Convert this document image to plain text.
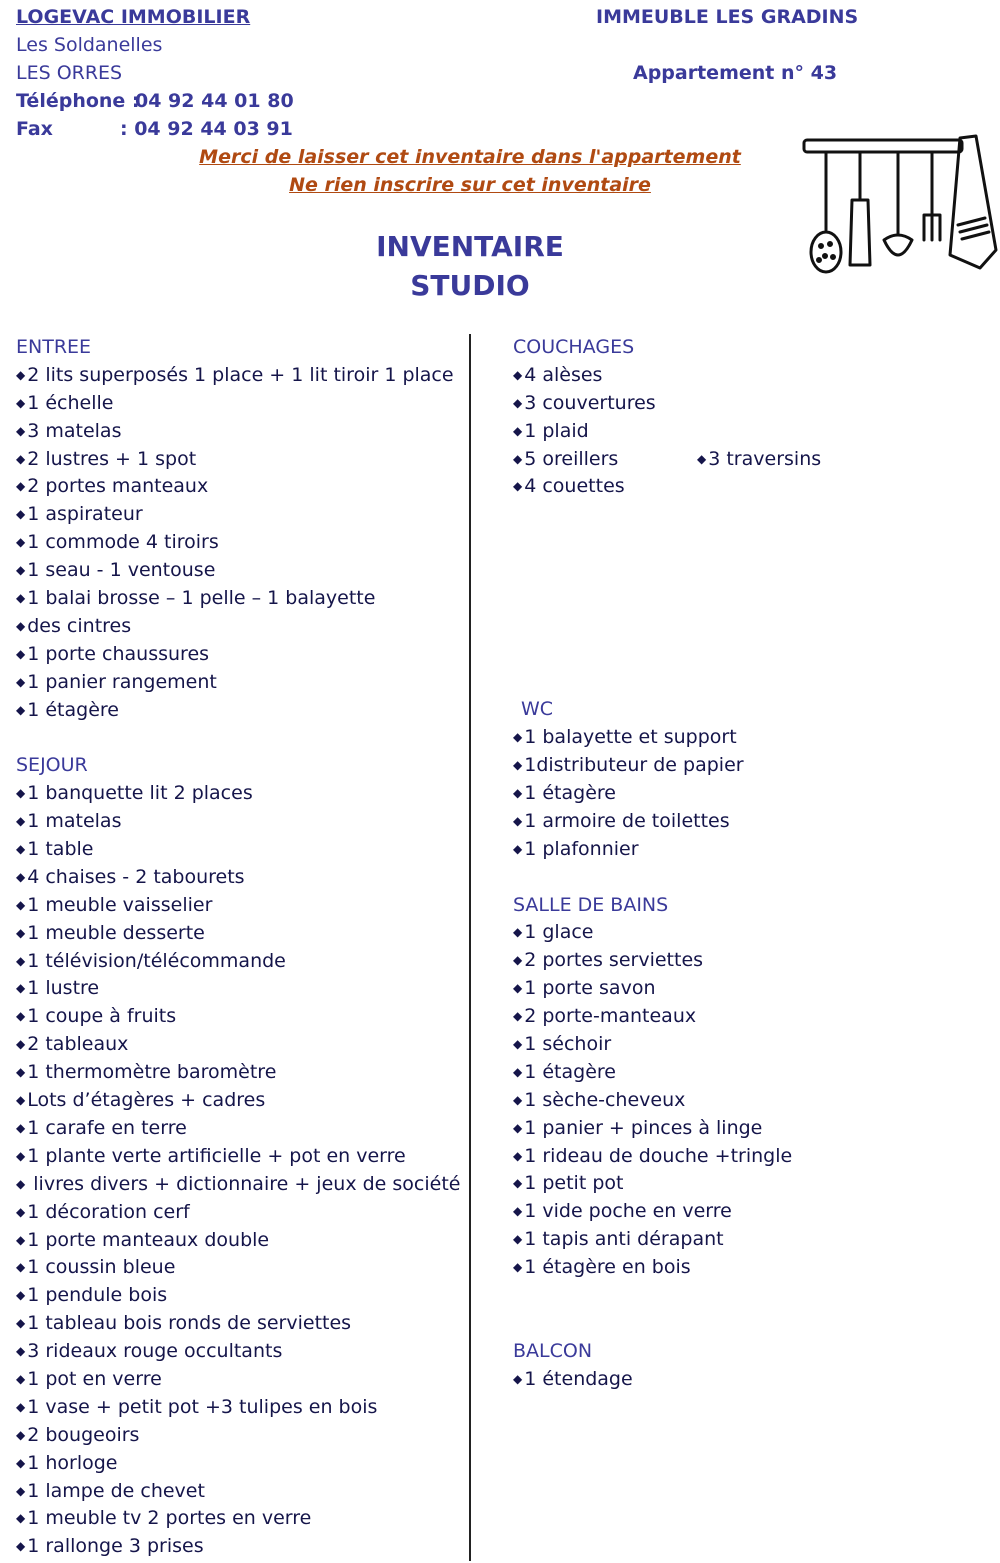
LOGEVAC IMMOBILIER
Les Soldanelles
LES ORRES
Téléphone :
04 92 44 01 80
Fax	: 04 92 44 03 91
IMMEUBLE LES GRADINS
Appartement n° 43
Merci de laisser cet inventaire dans l'appartement
Ne rien inscrire sur cet inventaire
INVENTAIRE
STUDIO
ENTREE
◆ 2 lits superposés 1 place + 1 lit tiroir 1 place
◆ 1 échelle
◆ 3 matelas
◆ 2 lustres + 1 spot
◆ 2 portes manteaux
◆ 1 aspirateur
◆ 1 commode 4 tiroirs
◆ 1 seau - 1 ventouse
◆ 1 balai brosse – 1 pelle – 1 balayette
◆ des cintres
◆ 1 porte chaussures
◆ 1 panier rangement
◆ 1 étagère
SEJOUR
◆ 1 banquette lit 2 places
◆ 1 matelas
◆ 1 table
◆ 4 chaises - 2 tabourets
◆ 1 meuble vaisselier
◆ 1 meuble desserte
◆ 1 télévision/télécommande
◆ 1 lustre
◆ 1 coupe à fruits
◆ 2 tableaux
◆ 1 thermomètre baromètre
◆ Lots d’étagères + cadres
◆ 1 carafe en terre
◆ 1 plante verte artificielle + pot en verre
◆ livres divers + dictionnaire + jeux de société
◆ 1 décoration cerf
◆ 1 porte manteaux double
◆ 1 coussin bleue
◆ 1 pendule bois
◆ 1 tableau bois ronds de serviettes
◆ 3 rideaux rouge occultants
◆ 1 pot en verre
◆ 1 vase + petit pot +3 tulipes en bois
◆ 2 bougeoirs
◆ 1 horloge
◆ 1 lampe de chevet
◆ 1 meuble tv 2 portes en verre
◆ 1 rallonge 3 prises
COUCHAGES
◆ 4 alèses
◆ 3 couvertures
◆ 1 plaid
◆ 5 oreillers	◆ 3 traversins
◆ 4 couettes
WC
◆ 1 balayette et support
◆ 1distributeur de papier
◆ 1 étagère
◆ 1 armoire de toilettes
◆ 1 plafonnier
SALLE DE BAINS
◆ 1 glace
◆ 2 portes serviettes
◆ 1 porte savon
◆ 2 porte-manteaux
◆ 1 séchoir
◆ 1 étagère
◆ 1 sèche-cheveux
◆ 1 panier + pinces à linge
◆ 1 rideau de douche +tringle
◆ 1 petit pot
◆ 1 vide poche en verre
◆ 1 tapis anti dérapant
◆ 1 étagère en bois
BALCON
◆ 1 étendage
